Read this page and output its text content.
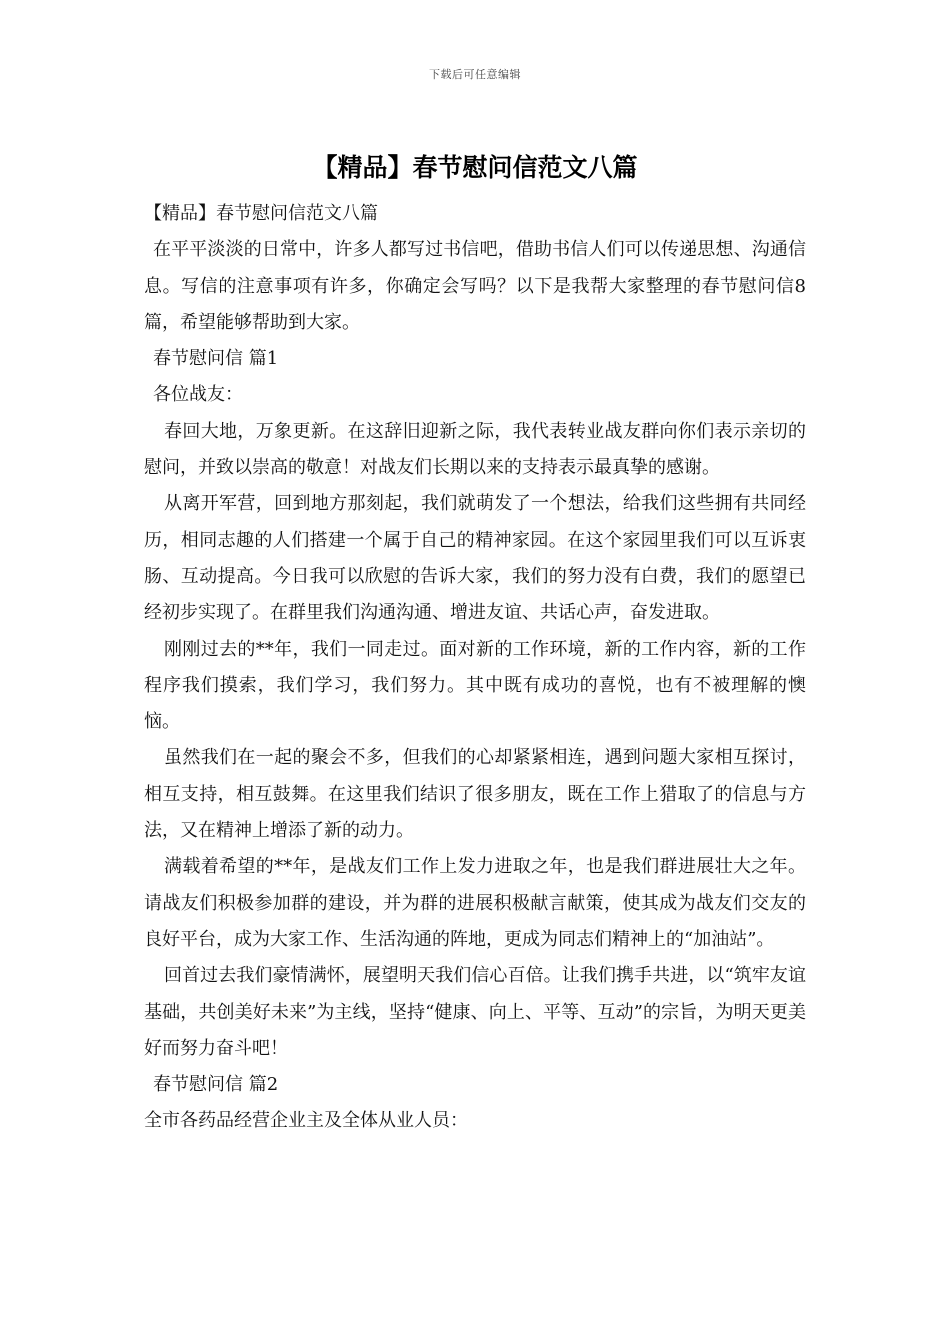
下载后可任意编辑
【精品】春节慰问信范文八篇

【精品】春节慰问信范文八篇

在平平淡淡的日常中，许多人都写过书信吧，借助书信人们可以传递思想、沟通信息。写信的注意事项有许多，你确定会写吗？以下是我帮大家整理的春节慰问信8篇，希望能够帮助到大家。

春节慰问信 篇1

各位战友：

春回大地，万象更新。在这辞旧迎新之际，我代表转业战友群向你们表示亲切的慰问，并致以崇高的敬意！对战友们长期以来的支持表示最真挚的感谢。

从离开军营，回到地方那刻起，我们就萌发了一个想法，给我们这些拥有共同经历，相同志趣的人们搭建一个属于自己的精神家园。在这个家园里我们可以互诉衷肠、互动提高。今日我可以欣慰的告诉大家，我们的努力没有白费，我们的愿望已经初步实现了。在群里我们沟通沟通、增进友谊、共话心声，奋发进取。

刚刚过去的**年，我们一同走过。面对新的工作环境，新的工作内容，新的工作程序我们摸索，我们学习，我们努力。其中既有成功的喜悦，也有不被理解的懊恼。

虽然我们在一起的聚会不多，但我们的心却紧紧相连，遇到问题大家相互探讨，相互支持，相互鼓舞。在这里我们结识了很多朋友，既在工作上猎取了的信息与方法，又在精神上增添了新的动力。

满载着希望的**年，是战友们工作上发力进取之年，也是我们群进展壮大之年。请战友们积极参加群的建设，并为群的进展积极献言献策，使其成为战友们交友的良好平台，成为大家工作、生活沟通的阵地，更成为同志们精神上的“加油站”。

回首过去我们豪情满怀，展望明天我们信心百倍。让我们携手共进，以“筑牢友谊基础，共创美好未来”为主线，坚持“健康、向上、平等、互动”的宗旨，为明天更美好而努力奋斗吧！

春节慰问信 篇2

全市各药品经营企业主及全体从业人员：
